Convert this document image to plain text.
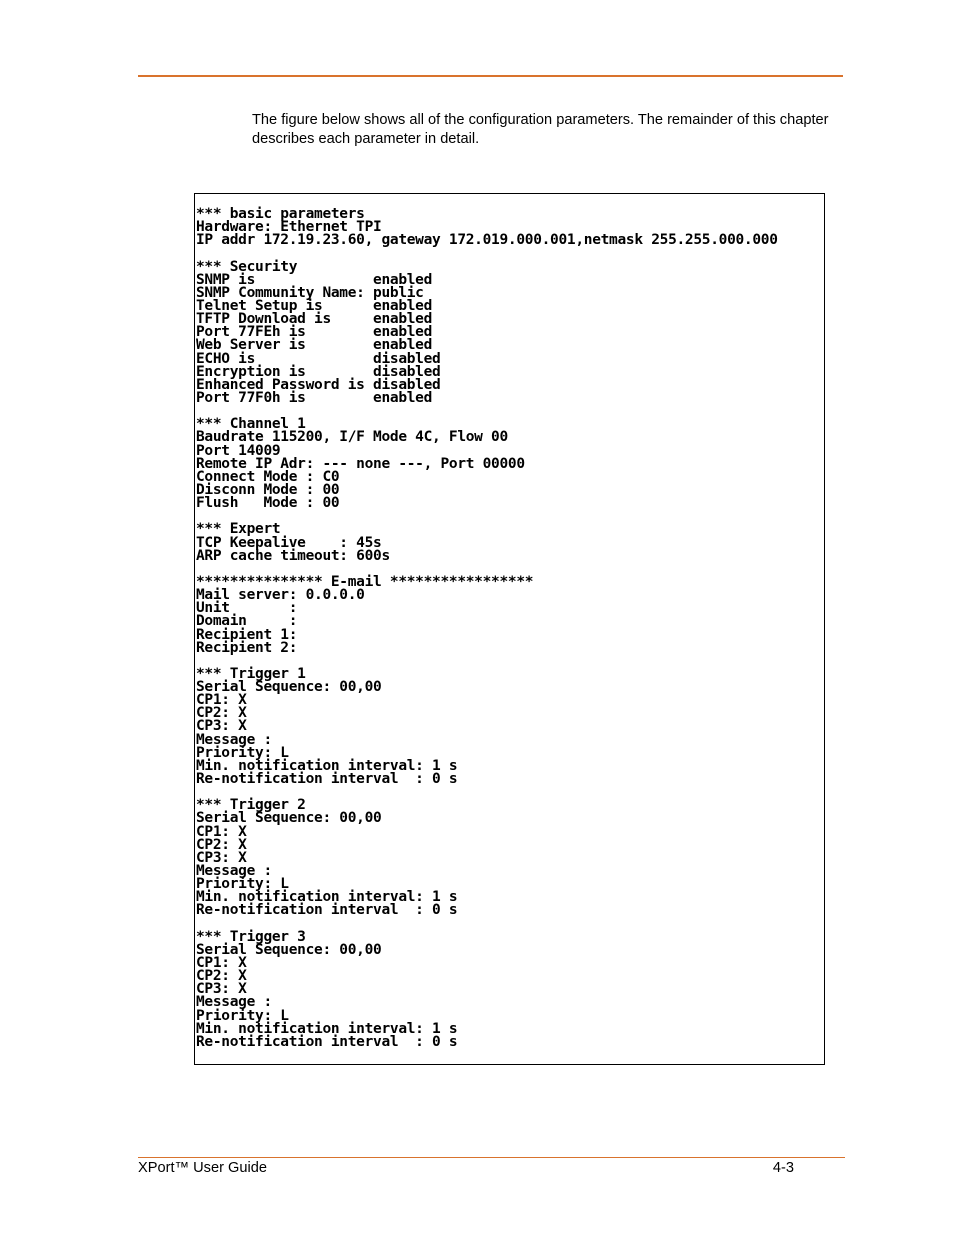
The figure below shows all of the configuration parameters. The remainder of this chapter describes each parameter in detail.
*** basic parameters
Hardware: Ethernet TPI
IP addr 172.19.23.60, gateway 172.019.000.001,netmask 255.255.000.000
*** Security
SNMP is              enabled
SNMP Community Name: public
Telnet Setup is      enabled
TFTP Download is     enabled
Port 77FEh is        enabled
Web Server is        enabled
ECHO is              disabled
Encryption is        disabled
Enhanced Password is disabled
Port 77F0h is        enabled
*** Channel 1
Baudrate 115200, I/F Mode 4C, Flow 00
Port 14009
Remote IP Adr: --- none ---, Port 00000
Connect Mode : C0
Disconn Mode : 00
Flush   Mode : 00
*** Expert
TCP Keepalive    : 45s
ARP cache timeout: 600s
*************** E-mail *****************
Mail server: 0.0.0.0
Unit       :
Domain     :
Recipient 1:
Recipient 2:
*** Trigger 1
Serial Sequence: 00,00
CP1: X
CP2: X
CP3: X
Message :
Priority: L
Min. notification interval: 1 s
Re-notification interval  : 0 s
*** Trigger 2
Serial Sequence: 00,00
CP1: X
CP2: X
CP3: X
Message :
Priority: L
Min. notification interval: 1 s
Re-notification interval  : 0 s
*** Trigger 3
Serial Sequence: 00,00
CP1: X
CP2: X
CP3: X
Message :
Priority: L
Min. notification interval: 1 s
Re-notification interval  : 0 s
XPort™ User Guide	4-3
